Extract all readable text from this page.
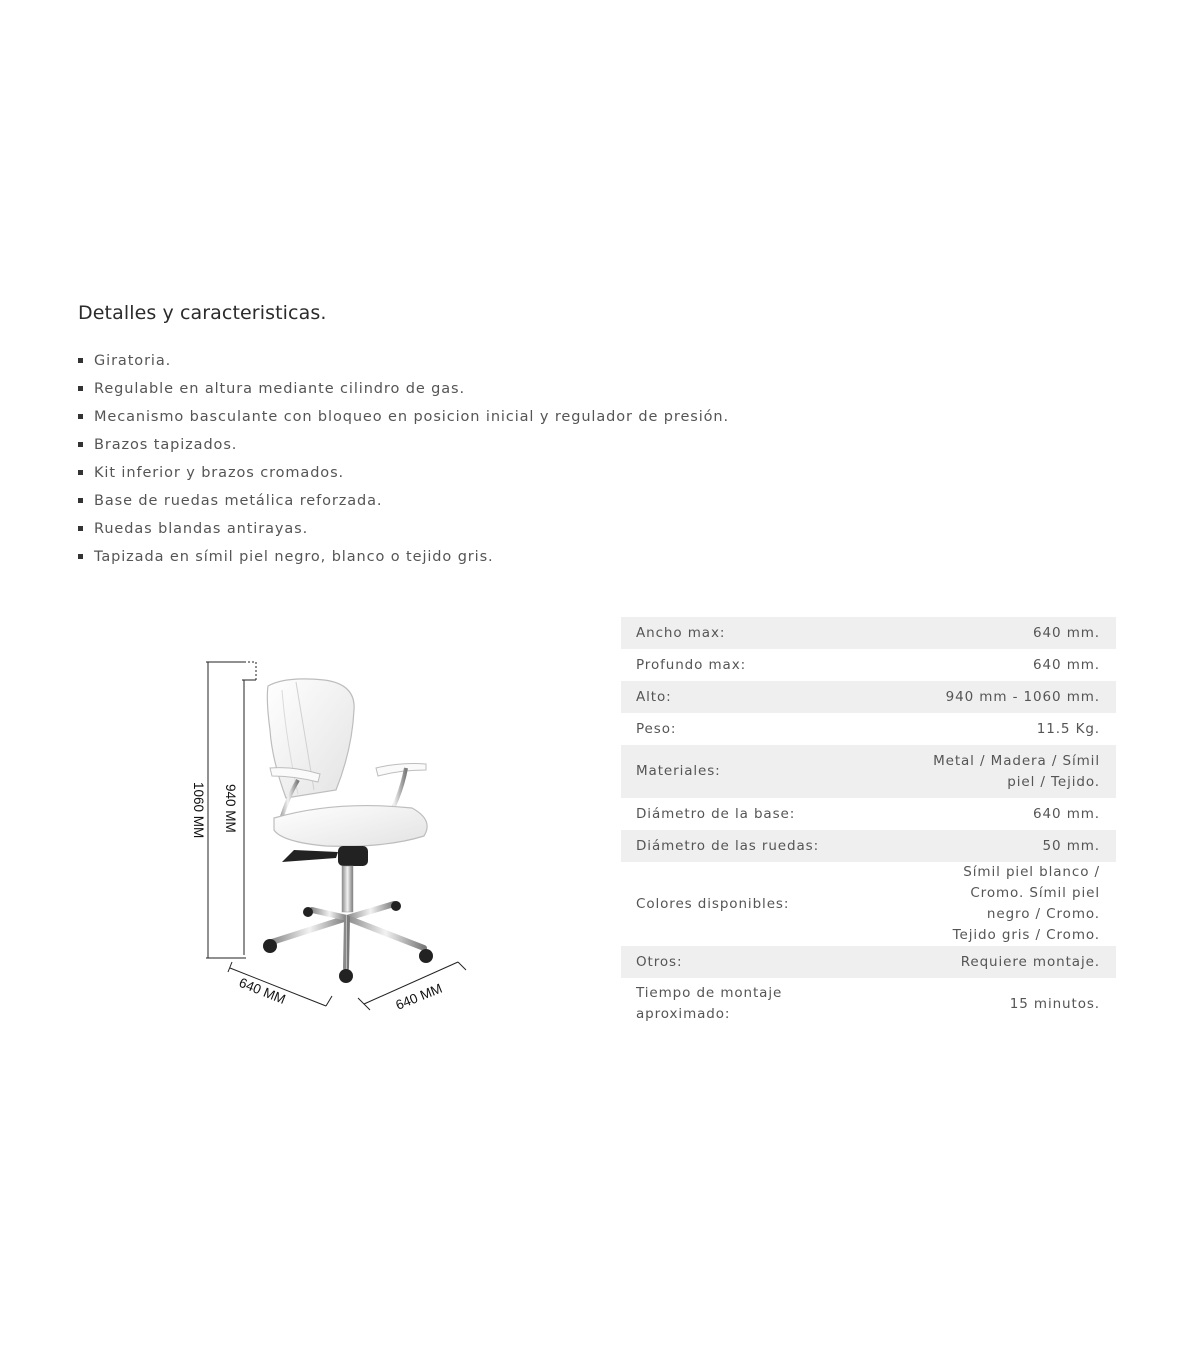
Detalles y caracteristicas.
Giratoria.
Regulable en altura mediante cilindro de gas.
Mecanismo basculante con bloqueo en posicion inicial y regulador de presión.
Brazos tapizados.
Kit inferior y brazos cromados.
Base de ruedas metálica reforzada.
Ruedas blandas antirayas.
Tapizada en símil piel negro, blanco o tejido gris.
1060 MM 940 MM
640 MM	640 MM
Ancho max:	640 mm.
Profundo max:	640 mm.
Alto:	940 mm - 1060 mm.
Peso:	11.5 Kg.
Materiales:	Metal / Madera / Símil piel / Tejido.
Diámetro de la base:	640 mm.
Diámetro de las ruedas:	50 mm.
Colores disponibles:	Símil piel blanco / Cromo. Símil piel negro / Cromo. Tejido gris / Cromo.
Otros:	Requiere montaje.
Tiempo de montaje aproximado:	15 minutos.
